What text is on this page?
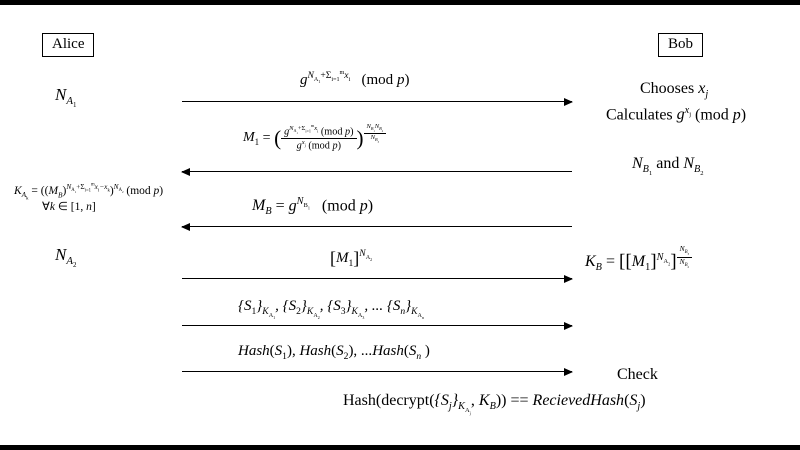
Alice	Bob
$N_{A_1}$
$K_{A_k} = ((M_B)^{N_{A_1}+\Sigma_{i=1}^mx_i-x_k})^{N_{A_2}}$ (mod p)
∀k ∈ [1, n]
$N_{A_2}$
Chooses $x_j$
Calculates $g^{x_j}$ (mod p)
$N_{B_1}$ and $N_{B_2}$
$K_B = [[M_1]^{N_{A_2}}]$ $^{\frac{N_{B_3}}{N_{B_2}}}$
Check
$Hash(decrypt(\{S_j\}_{K_{A_j}}$, $K_B$)) == $RecievedHash(S_j)$
$g^{N_{A_1}+\Sigma_{i=1}^mx_i}$   (mod p)
$M_1$ = ( $\frac{g^{N_{A_1}+\Sigma_{i=1}^mx_i} (mod p)}{g^{x_j} (mod p)}$ ) $^{\frac{N_{B_1}N_{B_2}}{N_{B_3}}}$
$M_B = g^{N_{B_1}}$   (mod p)
$[M_1]^{N_{A_2}}$
$\{S_1\}_{K_{A_1}}$, $\{S_2\}_{K_{A_2}}$, $\{S_3\}_{K_{A_3}}$, ... $\{S_n\}_{K_{A_n}}$
$Hash(S_1)$, $Hash(S_2)$, $...Hash(S_n$ )
